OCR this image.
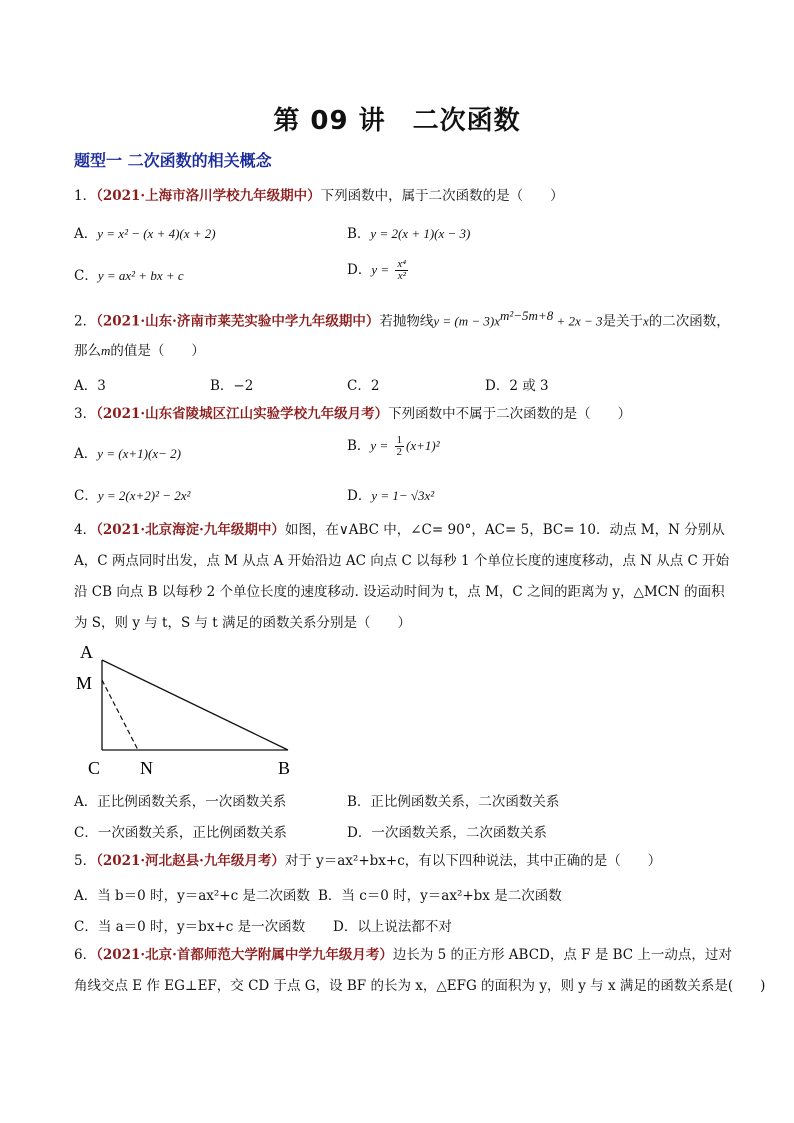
第 09 讲　二次函数
题型一 二次函数的相关概念
1．（2021·上海市洛川学校九年级期中）下列函数中，属于二次函数的是（　　）
A．y = x² − (x + 4)(x + 2)	B．y = 2(x + 1)(x − 3)
C．y = ax² + bx + c	D．$y = \frac{\text{x⁴}}{\text{x²}}$
2．（2021·山东·济南市莱芜实验中学九年级期中）若抛物线$y = (m - 3)x^{m^2-5m+8} + 2x - 3$是关于x的二次函数，
那么m的值是（　　）
A．3	B．−2	C．2	D．2 或 3
3．（2021·山东省陵城区江山实验学校九年级月考）下列函数中不属于二次函数的是（　　）
A．y = (x+1)(x− 2)	B．$y = \frac{1}{2} (x+1)^2$
C．y = 2(x+2)² − 2x²	D．y = 1− √3x²
4．（2021·北京海淀·九年级期中）如图，在∨ABC 中，∠C= 90°，AC= 5，BC= 10．动点 M，N 分别从
A，C 两点同时出发，点 M 从点 A 开始沿边 AC 向点 C 以每秒 1 个单位长度的速度移动，点 N 从点 C 开始
沿 CB 向点 B 以每秒 2 个单位长度的速度移动. 设运动时间为 t，点 M，C 之间的距离为 y，△MCN 的面积
为 S，则 y 与 t，S 与 t 满足的函数关系分别是（　　）
A
M
C N	B
A．正比例函数关系，一次函数关系	B．正比例函数关系，二次函数关系
C．一次函数关系，正比例函数关系	D．一次函数关系，二次函数关系
5．（2021·河北赵县·九年级月考）对于 y＝ax²+bx+c，有以下四种说法，其中正确的是（　　）
A．当 b＝0 时，y＝ax²+c 是二次函数 B．当 c＝0 时，y＝ax²+bx 是二次函数
C．当 a＝0 时，y＝bx+c 是一次函数 D．以上说法都不对
6．（2021·北京·首都师范大学附属中学九年级月考）边长为 5 的正方形 ABCD，点 F 是 BC 上一动点，过对
角线交点 E 作 EG⊥EF，交 CD 于点 G，设 BF 的长为 x，△EFG 的面积为 y，则 y 与 x 满足的函数关系是(　　)
